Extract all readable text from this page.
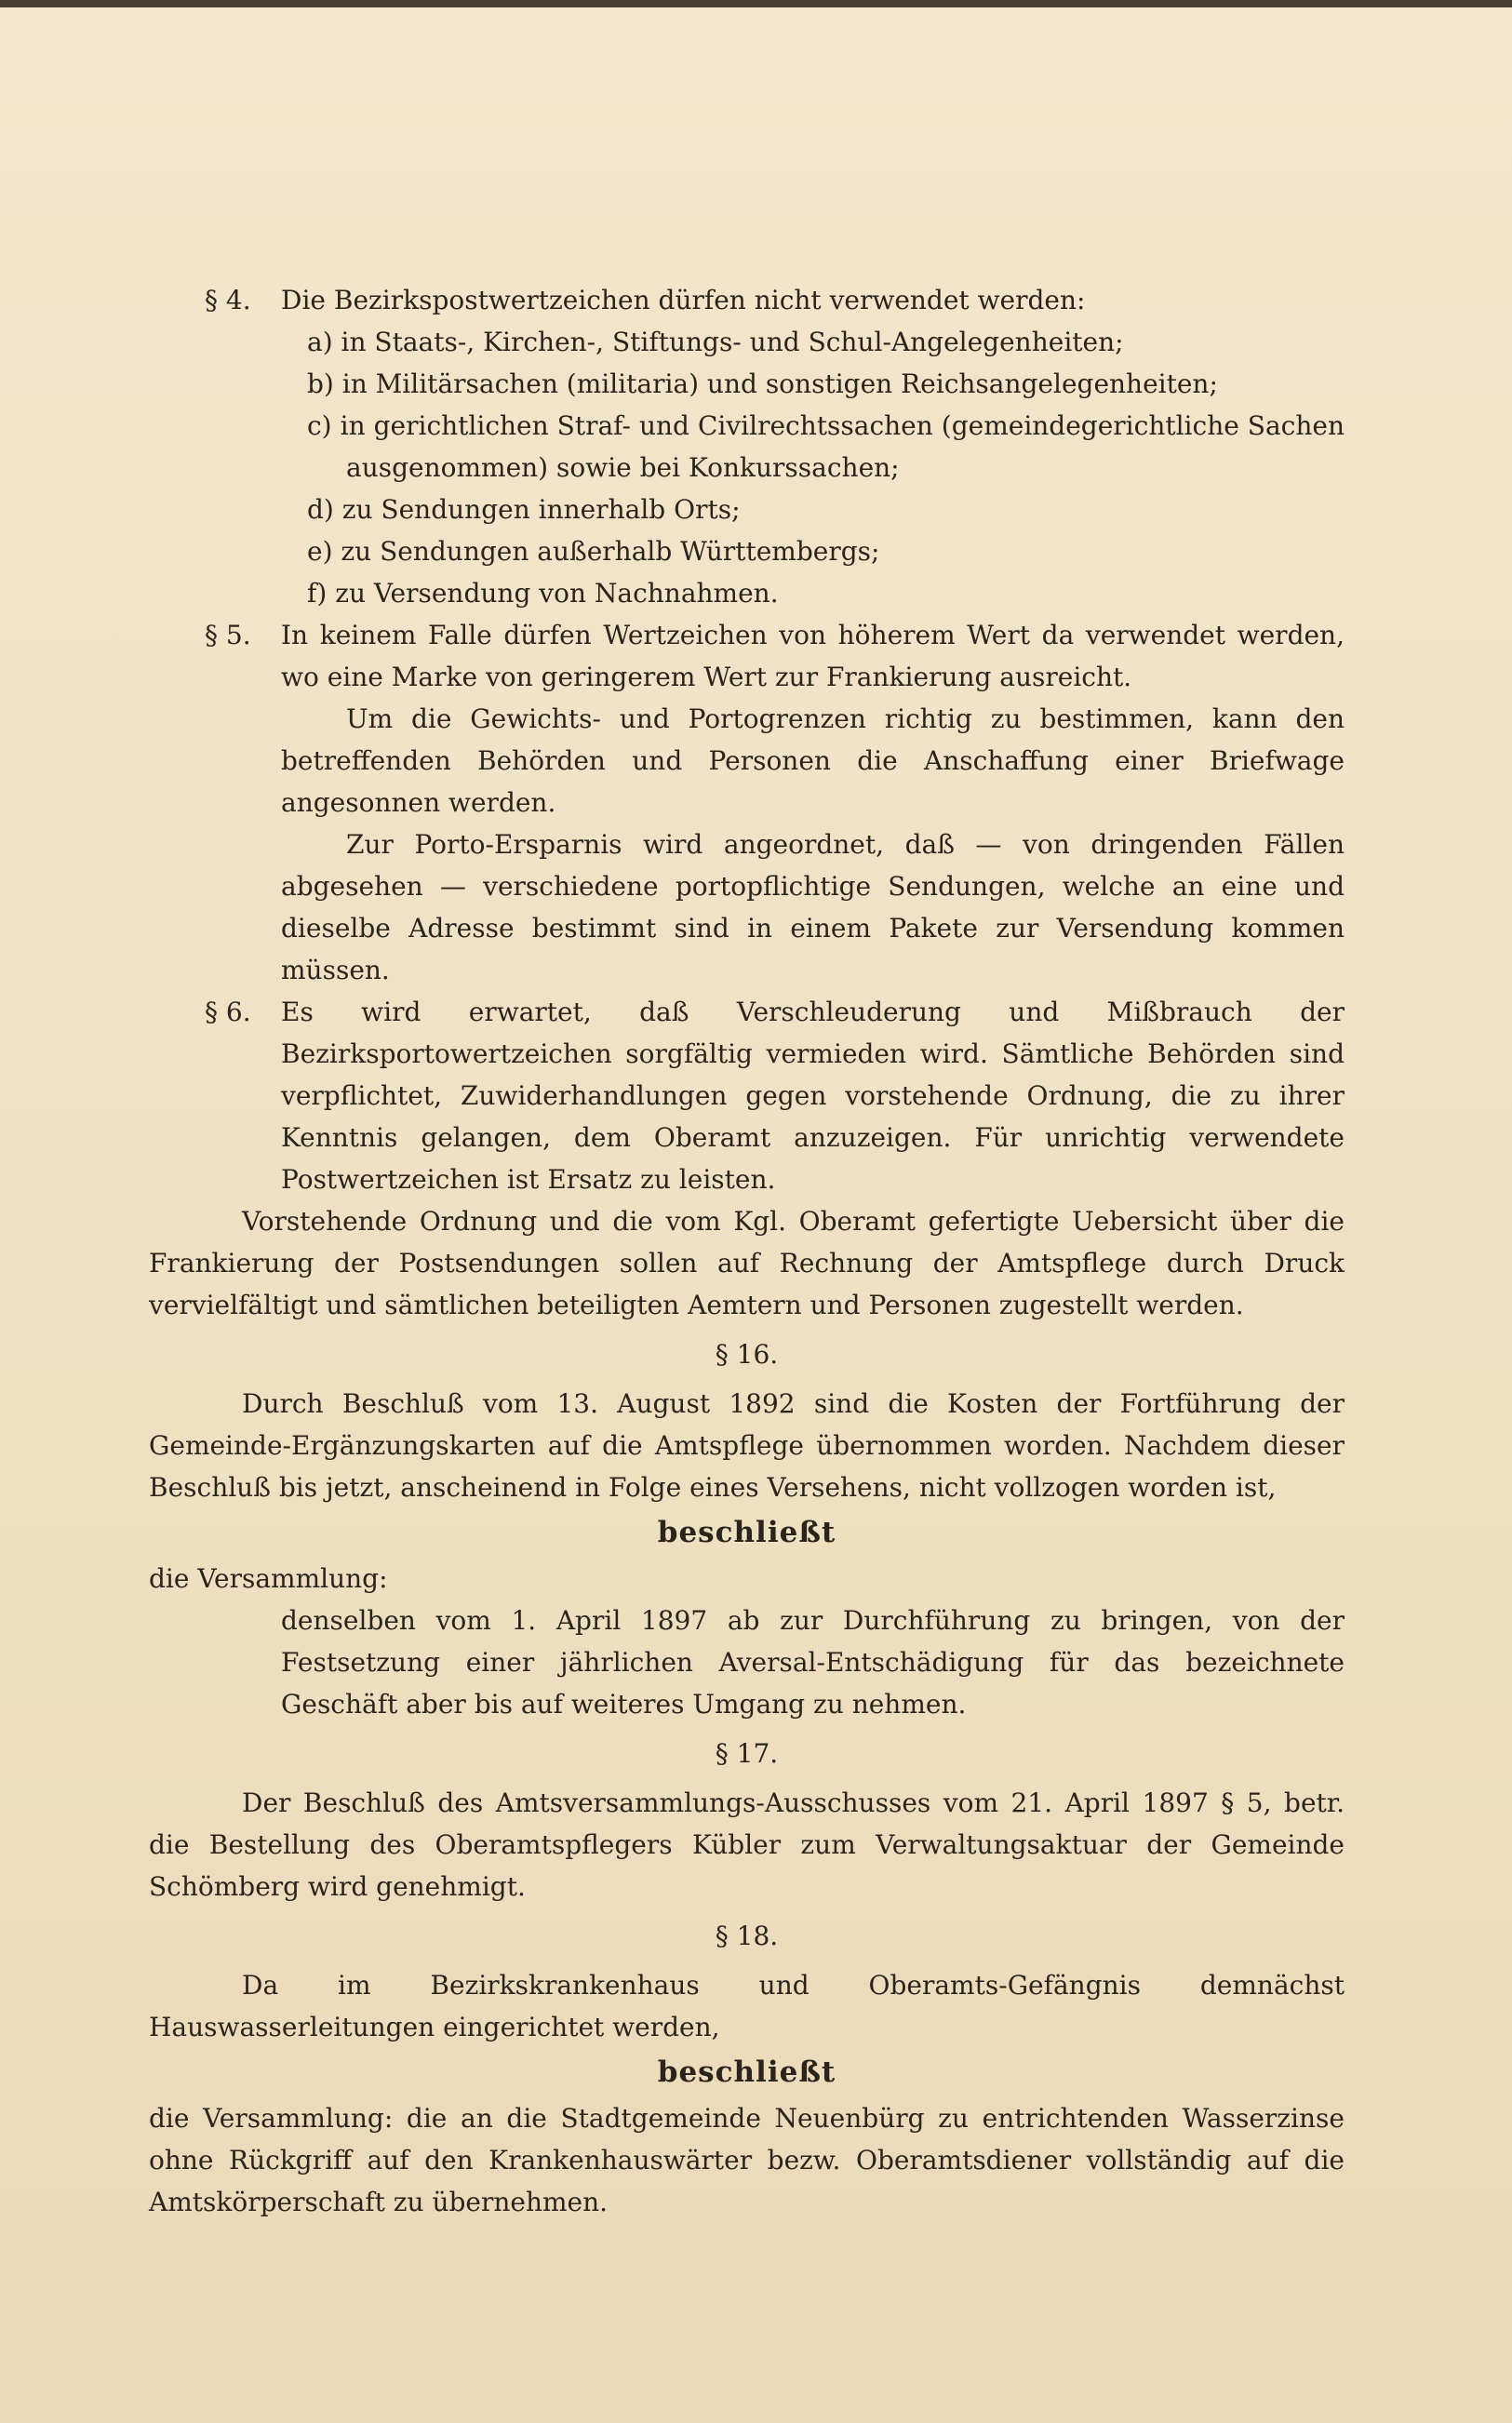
§ 4. Die Bezirkspostwertzeichen dürfen nicht verwendet werden:
a) in Staats-, Kirchen-, Stiftungs- und Schul-Angelegenheiten;
b) in Militärsachen (militaria) und sonstigen Reichsangelegenheiten;
c) in gerichtlichen Straf- und Civilrechtssachen (gemeindegerichtliche Sachen ausgenommen) sowie bei Konkurssachen;
d) zu Sendungen innerhalb Orts;
e) zu Sendungen außerhalb Württembergs;
f) zu Versendung von Nachnahmen.
§ 5. In keinem Falle dürfen Wertzeichen von höherem Wert da verwendet werden, wo eine Marke von geringerem Wert zur Frankierung ausreicht.
Um die Gewichts- und Portogrenzen richtig zu bestimmen, kann den betreffenden Behörden und Personen die Anschaffung einer Briefwage angesonnen werden.
Zur Porto-Ersparnis wird angeordnet, daß — von dringenden Fällen abgesehen — verschiedene portopflichtige Sendungen, welche an eine und dieselbe Adresse bestimmt sind in einem Pakete zur Versendung kommen müssen.
§ 6. Es wird erwartet, daß Verschleuderung und Mißbrauch der Bezirksportowertzeichen sorgfältig vermieden wird. Sämtliche Behörden sind verpflichtet, Zuwiderhandlungen gegen vorstehende Ordnung, die zu ihrer Kenntnis gelangen, dem Oberamt anzuzeigen. Für unrichtig verwendete Postwertzeichen ist Ersatz zu leisten.
Vorstehende Ordnung und die vom Kgl. Oberamt gefertigte Uebersicht über die Frankierung der Postsendungen sollen auf Rechnung der Amtspflege durch Druck vervielfältigt und sämtlichen beteiligten Aemtern und Personen zugestellt werden.
§ 16.
Durch Beschluß vom 13. August 1892 sind die Kosten der Fortführung der Gemeinde-Ergänzungskarten auf die Amtspflege übernommen worden. Nachdem dieser Beschluß bis jetzt, anscheinend in Folge eines Versehens, nicht vollzogen worden ist,
beschließt
die Versammlung:
denselben vom 1. April 1897 ab zur Durchführung zu bringen, von der Festsetzung einer jährlichen Aversal-Entschädigung für das bezeichnete Geschäft aber bis auf weiteres Umgang zu nehmen.
§ 17.
Der Beschluß des Amtsversammlungs-Ausschusses vom 21. April 1897 § 5, betr. die Bestellung des Oberamtspflegers Kübler zum Verwaltungsaktuar der Gemeinde Schömberg wird genehmigt.
§ 18.
Da im Bezirkskrankenhaus und Oberamts-Gefängnis demnächst Hauswasserleitungen eingerichtet werden,
beschließt
die Versammlung: die an die Stadtgemeinde Neuenbürg zu entrichtenden Wasserzinse ohne Rückgriff auf den Krankenhauswärter bezw. Oberamtsdiener vollständig auf die Amtskörperschaft zu übernehmen.
